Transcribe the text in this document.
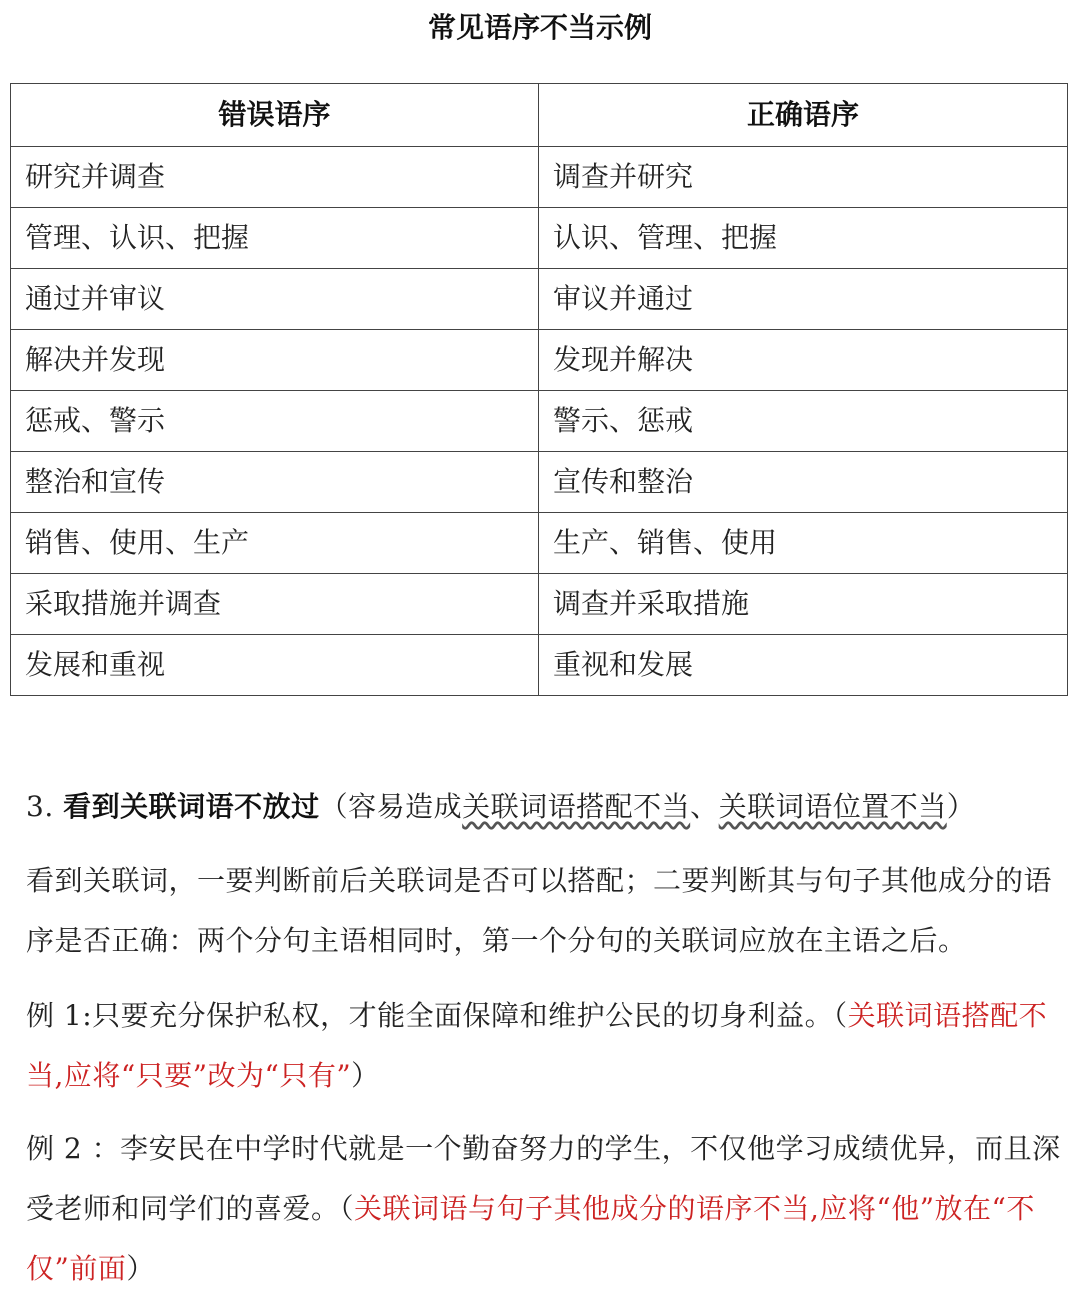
常见语序不当示例
错误语序	正确语序
研究并调查	调查并研究
管理、认识、把握	认识、管理、把握
通过并审议	审议并通过
解决并发现	发现并解决
惩戒、警示	警示、惩戒
整治和宣传	宣传和整治
销售、使用、生产	生产、销售、使用
采取措施并调查	调查并采取措施
发展和重视	重视和发展
3. 看到关联词语不放过（容易造成关联词语搭配不当、关联词语位置不当）
看到关联词，一要判断前后关联词是否可以搭配；二要判断其与句子其他成分的语序是否正确：两个分句主语相同时，第一个分句的关联词应放在主语之后。
例 1:只要充分保护私权，才能全面保障和维护公民的切身利益。（关联词语搭配不当,应将“只要”改为“只有”）
例 2 ：李安民在中学时代就是一个勤奋努力的学生，不仅他学习成绩优异，而且深受老师和同学们的喜爱。（关联词语与句子其他成分的语序不当,应将“他”放在“不仅”前面）
